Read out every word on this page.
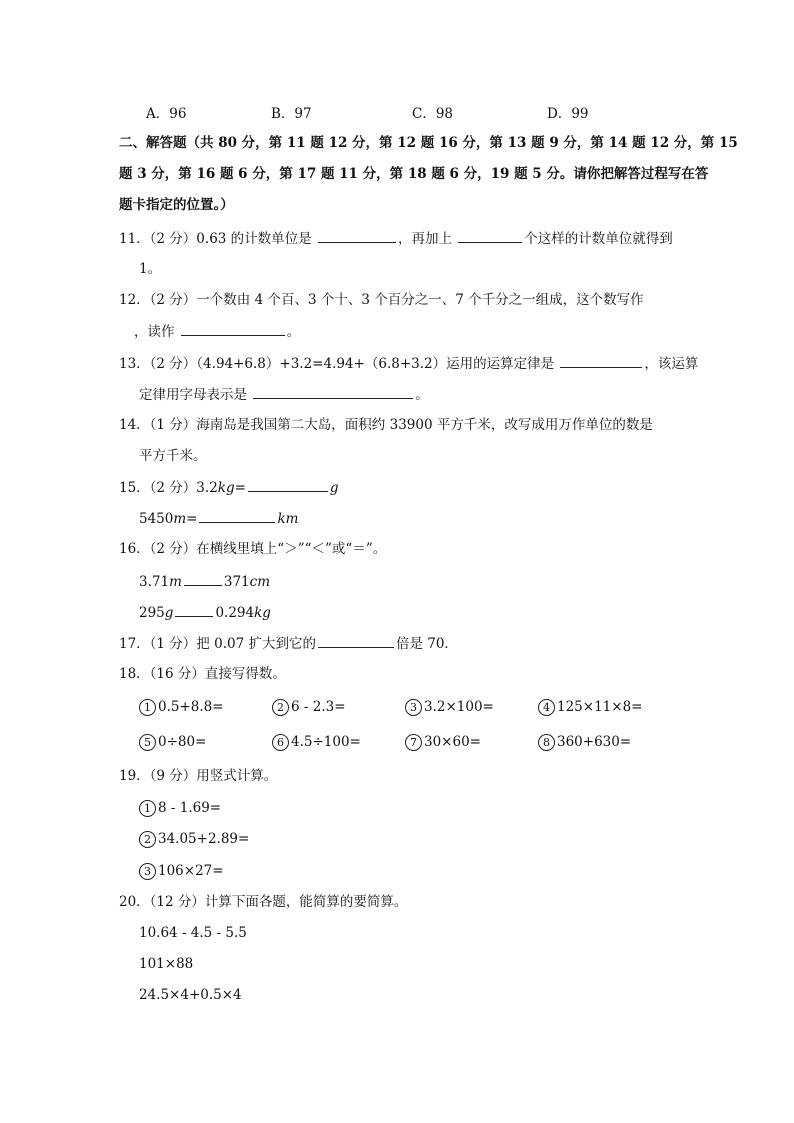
A．96	B．97	C．98	D．99
二、解答题（共 80 分，第 11 题 12 分，第 12 题 16 分，第 13 题 9 分，第 14 题 12 分，第 15
题 3 分，第 16 题 6 分，第 17 题 11 分，第 18 题 6 分，19 题 5 分。请你把解答过程写在答
题卡指定的位置。）
11．（2 分）0.63 的计数单位是	，再加上	个这样的计数单位就得到
1。
12．（2 分）一个数由 4 个百、3 个十、3 个百分之一、7 个千分之一组成，这个数写作
，读作	。
13．（2 分）（4.94+6.8）+3.2=4.94+（6.8+3.2）运用的运算定律是	，该运算
定律用字母表示是	。
14．（1 分）海南岛是我国第二大岛，面积约 33900 平方千米，改写成用万作单位的数是
平方千米。
15．（2 分）3.2kg=	g
5450m=	km
16．（2 分）在横线里填上“＞”“＜”或“＝”。
3.71m	371cm
295g	0.294kg
17．（1 分）把 0.07 扩大到它的	倍是 70．
18．（16 分）直接写得数。
1 0.5+8.8=	2 6 - 2.3=	3 3.2×100=	4 125×11×8=
5 0÷80=	6 4.5÷100=	7 30×60=	8 360+630=
19．（9 分）用竖式计算。
1 8 - 1.69=
2 34.05+2.89=
3 106×27=
20．（12 分）计算下面各题，能简算的要简算。
10.64 - 4.5 - 5.5
101×88
24.5×4+0.5×4
